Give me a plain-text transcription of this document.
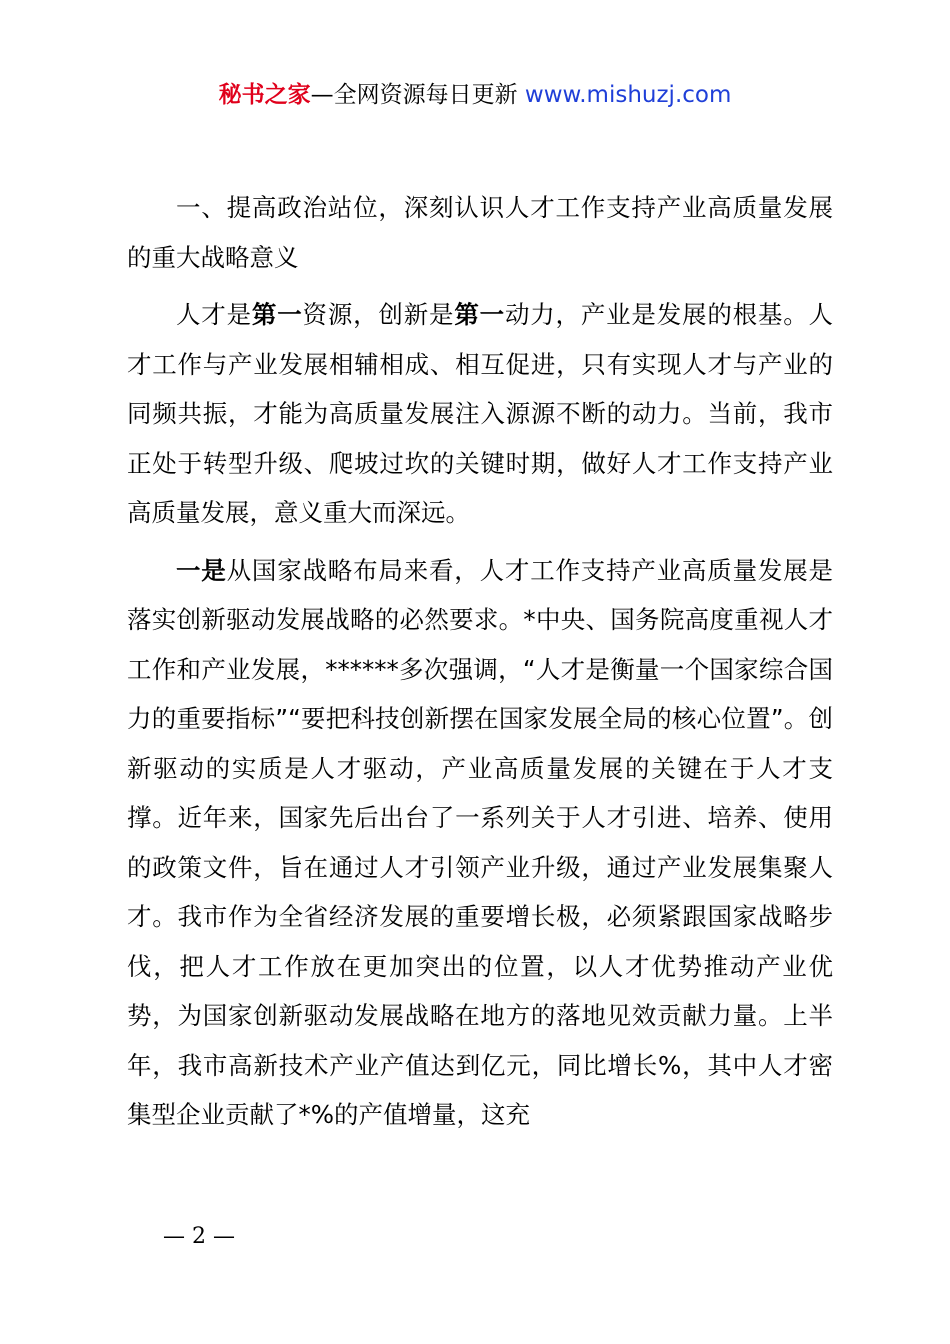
秘书之家—全网资源每日更新 www.mishuzj.com

一、提高政治站位，深刻认识人才工作支持产业高质量发展的重大战略意义

人才是第一资源，创新是第一动力，产业是发展的根基。人才工作与产业发展相辅相成、相互促进，只有实现人才与产业的同频共振，才能为高质量发展注入源源不断的动力。当前，我市正处于转型升级、爬坡过坎的关键时期，做好人才工作支持产业高质量发展，意义重大而深远。

一是从国家战略布局来看，人才工作支持产业高质量发展是落实创新驱动发展战略的必然要求。*中央、国务院高度重视人才工作和产业发展，******多次强调，“人才是衡量一个国家综合国力的重要指标”“要把科技创新摆在国家发展全局的核心位置”。创新驱动的实质是人才驱动，产业高质量发展的关键在于人才支撑。近年来，国家先后出台了一系列关于人才引进、培养、使用的政策文件，旨在通过人才引领产业升级，通过产业发展集聚人才。我市作为全省经济发展的重要增长极，必须紧跟国家战略步伐，把人才工作放在更加突出的位置，以人才优势推动产业优势，为国家创新驱动发展战略在地方的落地见效贡献力量。上半年，我市高新技术产业产值达到亿元，同比增长%，其中人才密集型企业贡献了*%的产值增量，这充

— 2 —
